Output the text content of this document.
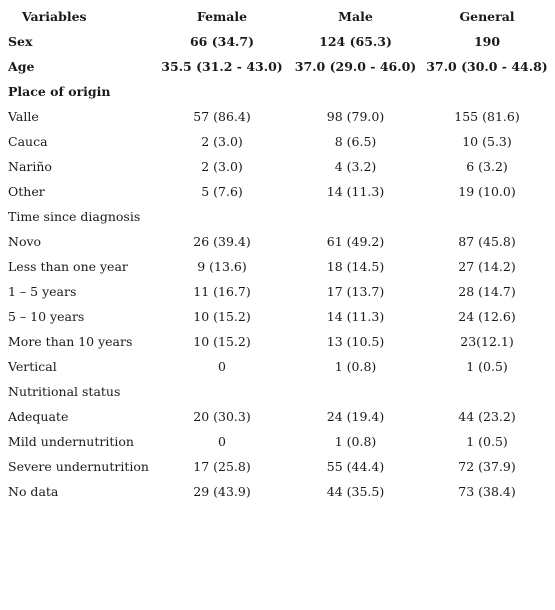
Variables	Female	Male	General
Sex	66 (34.7)	124 (65.3)	190
Age	35.5 (31.2 - 43.0)	37.0 (29.0 - 46.0)	37.0 (30.0 - 44.8)
Place of origin			
Valle	57 (86.4)	98 (79.0)	155 (81.6)
Cauca	2 (3.0)	8 (6.5)	10 (5.3)
Nariño	2 (3.0)	4 (3.2)	6 (3.2)
Other	5 (7.6)	14 (11.3)	19 (10.0)
Time since diagnosis			
Novo	26 (39.4)	61 (49.2)	87 (45.8)
Less than one year	9 (13.6)	18 (14.5)	27 (14.2)
1 – 5 years	11 (16.7)	17 (13.7)	28 (14.7)
5 – 10 years	10 (15.2)	14 (11.3)	24 (12.6)
More than 10 years	10 (15.2)	13 (10.5)	23(12.1)
Vertical	0	1 (0.8)	1 (0.5)
Nutritional status			
Adequate	20 (30.3)	24 (19.4)	44 (23.2)
Mild undernutrition	0	1 (0.8)	1 (0.5)
Severe undernutrition	17 (25.8)	55 (44.4)	72 (37.9)
No data	29 (43.9)	44 (35.5)	73 (38.4)
